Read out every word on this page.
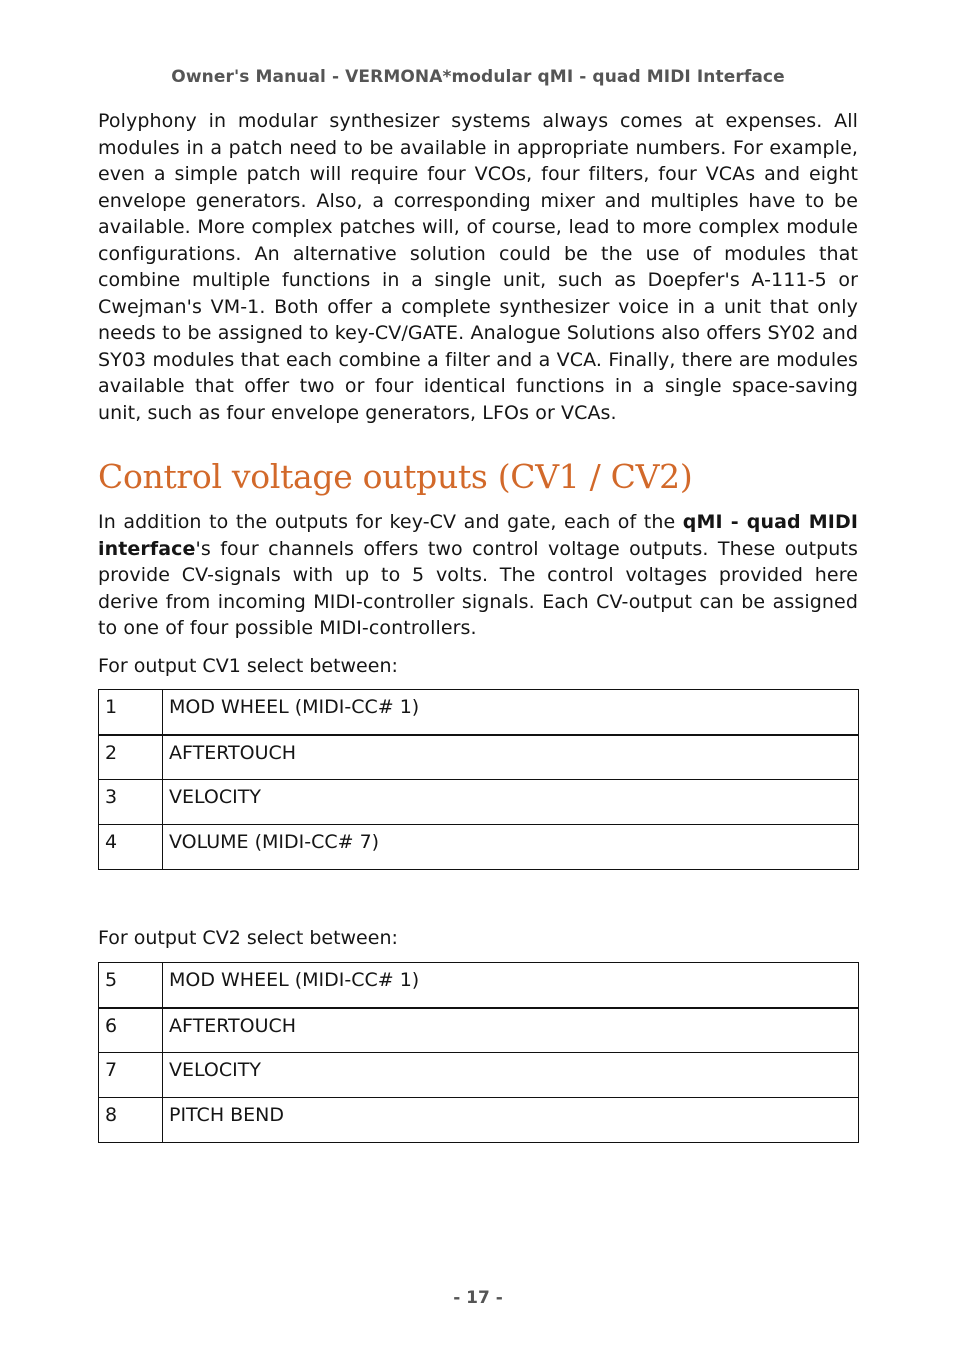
Owner's Manual - VERMONA*modular qMI - quad MIDI Interface

Polyphony in modular synthesizer systems always comes at expenses. All modules in a patch need to be available in appropriate numbers. For example, even a simple patch will require four VCOs, four filters, four VCAs and eight envelope generators. Also, a corresponding mixer and multiples have to be available. More complex patches will, of course, lead to more complex module configurations. An alternative solution could be the use of modules that combine multiple functions in a single unit, such as Doepfer's A-111-5 or Cwejman's VM-1. Both offer a complete synthesizer voice in a unit that only needs to be assigned to key-CV/GATE. Analogue Solutions also offers SY02 and SY03 modules that each combine a filter and a VCA. Finally, there are modules available that offer two or four identical functions in a single space-saving unit, such as four envelope generators, LFOs or VCAs.

Control voltage outputs (CV1 / CV2)

In addition to the outputs for key-CV and gate, each of the qMI - quad MIDI interface's four channels offers two control voltage outputs. These outputs provide CV-signals with up to 5 volts. The control voltages provided here derive from incoming MIDI-controller signals. Each CV-output can be assigned to one of four possible MIDI-controllers.

For output CV1 select between:
1	MOD WHEEL (MIDI-CC# 1)
2	AFTERTOUCH
3	VELOCITY
4	VOLUME (MIDI-CC# 7)
For output CV2 select between:
5	MOD WHEEL (MIDI-CC# 1)
6	AFTERTOUCH
7	VELOCITY
8	PITCH BEND
- 17 -
